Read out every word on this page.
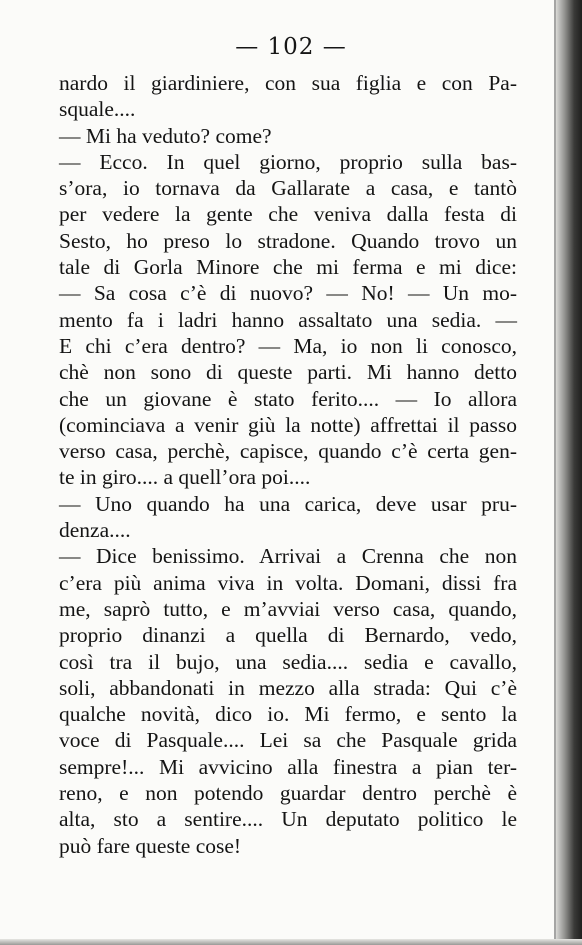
— 102 —
nardo il giardiniere, con sua figlia e con Pa-
squale....
— Mi ha veduto? come?
— Ecco. In quel giorno, proprio sulla bas-
s’ora, io tornava da Gallarate a casa, e tantò
per vedere la gente che veniva dalla festa di
Sesto, ho preso lo stradone. Quando trovo un
tale di Gorla Minore che mi ferma e mi dice:
— Sa cosa c’è di nuovo? — No! — Un mo-
mento fa i ladri hanno assaltato una sedia. —
E chi c’era dentro? — Ma, io non li conosco,
chè non sono di queste parti. Mi hanno detto
che un giovane è stato ferito.... — Io allora
(cominciava a venir giù la notte) affrettai il passo
verso casa, perchè, capisce, quando c’è certa gen-
te in giro.... a quell’ora poi....
— Uno quando ha una carica, deve usar pru-
denza....
— Dice benissimo. Arrivai a Crenna che non
c’era più anima viva in volta. Domani, dissi fra
me, saprò tutto, e m’avviai verso casa, quando,
proprio dinanzi a quella di Bernardo, vedo,
così tra il bujo, una sedia.... sedia e cavallo,
soli, abbandonati in mezzo alla strada: Qui c’è
qualche novità, dico io. Mi fermo, e sento la
voce di Pasquale.... Lei sa che Pasquale grida
sempre!... Mi avvicino alla finestra a pian ter-
reno, e non potendo guardar dentro perchè è
alta, sto a sentire.... Un deputato politico le
può fare queste cose!
